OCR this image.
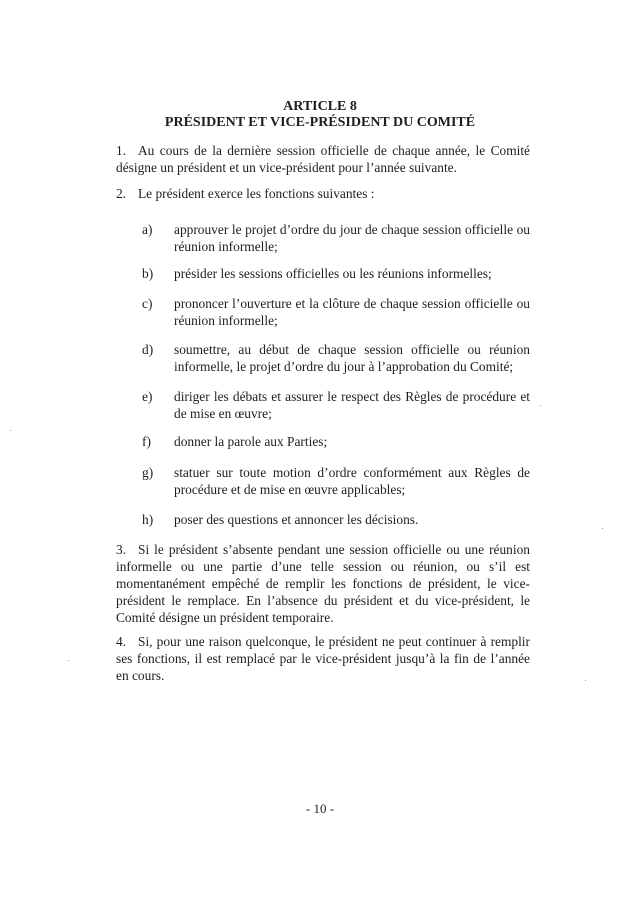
ARTICLE 8
PRÉSIDENT ET VICE-PRÉSIDENT DU COMITÉ

1. Au cours de la dernière session officielle de chaque année, le Comité désigne un président et un vice-président pour l’année suivante.

2. Le président exerce les fonctions suivantes :

a)	approuver le projet d’ordre du jour de chaque session officielle ou réunion informelle;
b)	présider les sessions officielles ou les réunions informelles;
c)	prononcer l’ouverture et la clôture de chaque session officielle ou réunion informelle;
d)	soumettre, au début de chaque session officielle ou réunion informelle, le projet d’ordre du jour à l’approbation du Comité;
e)	diriger les débats et assurer le respect des Règles de procédure et de mise en œuvre;
f)	donner la parole aux Parties;
g)	statuer sur toute motion d’ordre conformément aux Règles de procédure et de mise en œuvre applicables;
h)	poser des questions et annoncer les décisions.

3. Si le président s’absente pendant une session officielle ou une réunion informelle ou une partie d’une telle session ou réunion, ou s’il est momentanément empêché de remplir les fonctions de président, le vice-président le remplace. En l’absence du président et du vice-président, le Comité désigne un président temporaire.

4. Si, pour une raison quelconque, le président ne peut continuer à remplir ses fonctions, il est remplacé par le vice-président jusqu’à la fin de l’année en cours.

- 10 -
